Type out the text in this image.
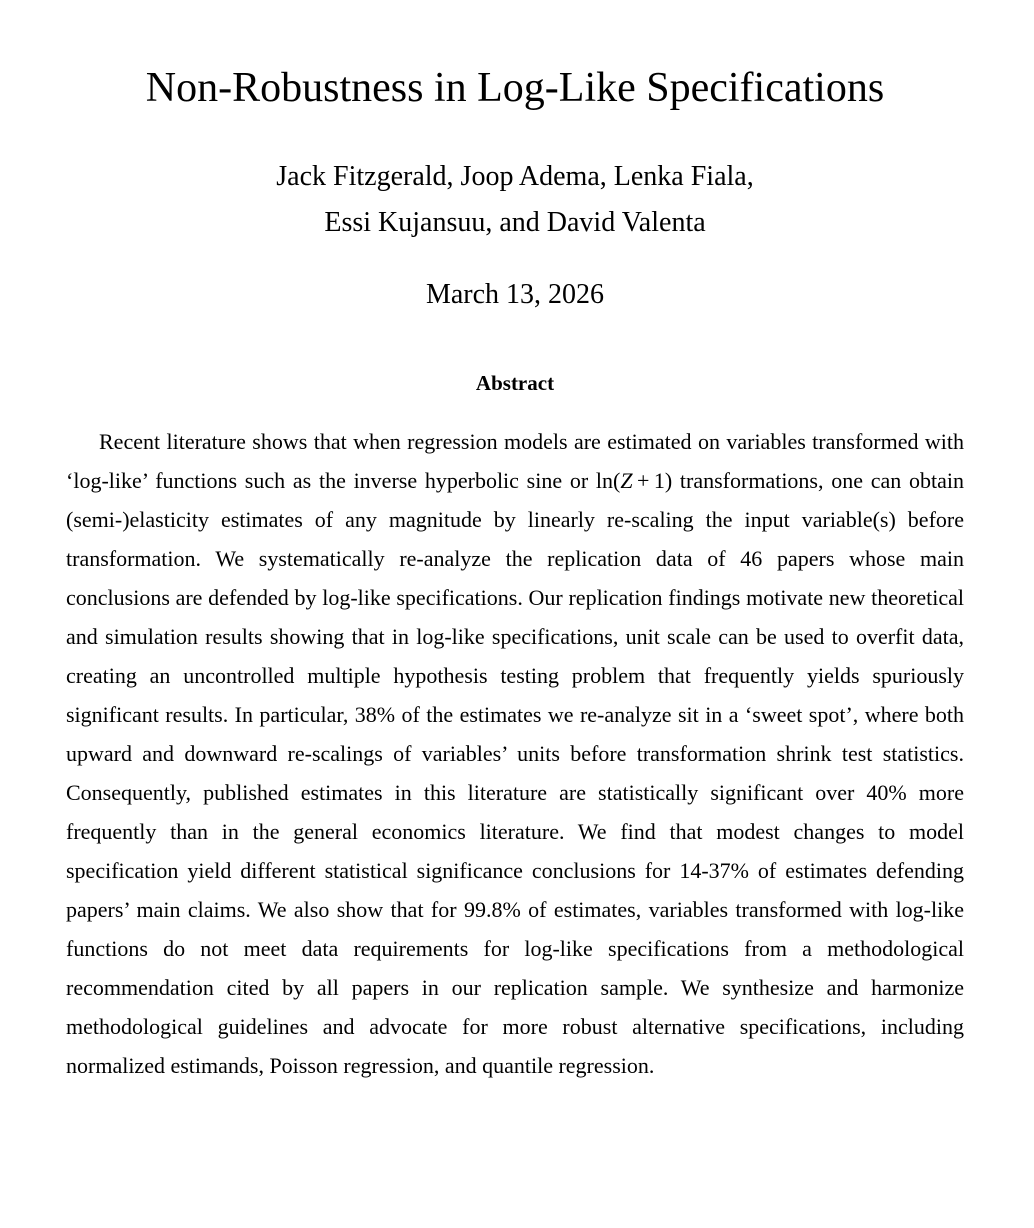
Non-Robustness in Log-Like Specifications
Jack Fitzgerald, Joop Adema, Lenka Fiala,
Essi Kujansuu, and David Valenta
March 13, 2026
Abstract

Recent literature shows that when regression models are estimated on variables transformed with ‘log-like’ functions such as the inverse hyperbolic sine or ln(Z + 1) transformations, one can obtain (semi-)elasticity estimates of any magnitude by linearly re-scaling the input variable(s) before transformation. We systematically re-analyze the replication data of 46 papers whose main conclusions are defended by log-like specifications. Our replication findings motivate new theoretical and simulation results showing that in log-like specifications, unit scale can be used to overfit data, creating an uncontrolled multiple hypothesis testing problem that frequently yields spuriously significant results. In particular, 38% of the estimates we re-analyze sit in a ‘sweet spot’, where both upward and downward re-scalings of variables’ units before transformation shrink test statistics. Consequently, published estimates in this literature are statistically significant over 40% more frequently than in the general economics literature. We find that modest changes to model specification yield different statistical significance conclusions for 14-37% of estimates defending papers’ main claims. We also show that for 99.8% of estimates, variables transformed with log-like functions do not meet data requirements for log-like specifications from a methodological recommendation cited by all papers in our replication sample. We synthesize and harmonize methodological guidelines and advocate for more robust alternative specifications, including normalized estimands, Poisson regression, and quantile regression.
